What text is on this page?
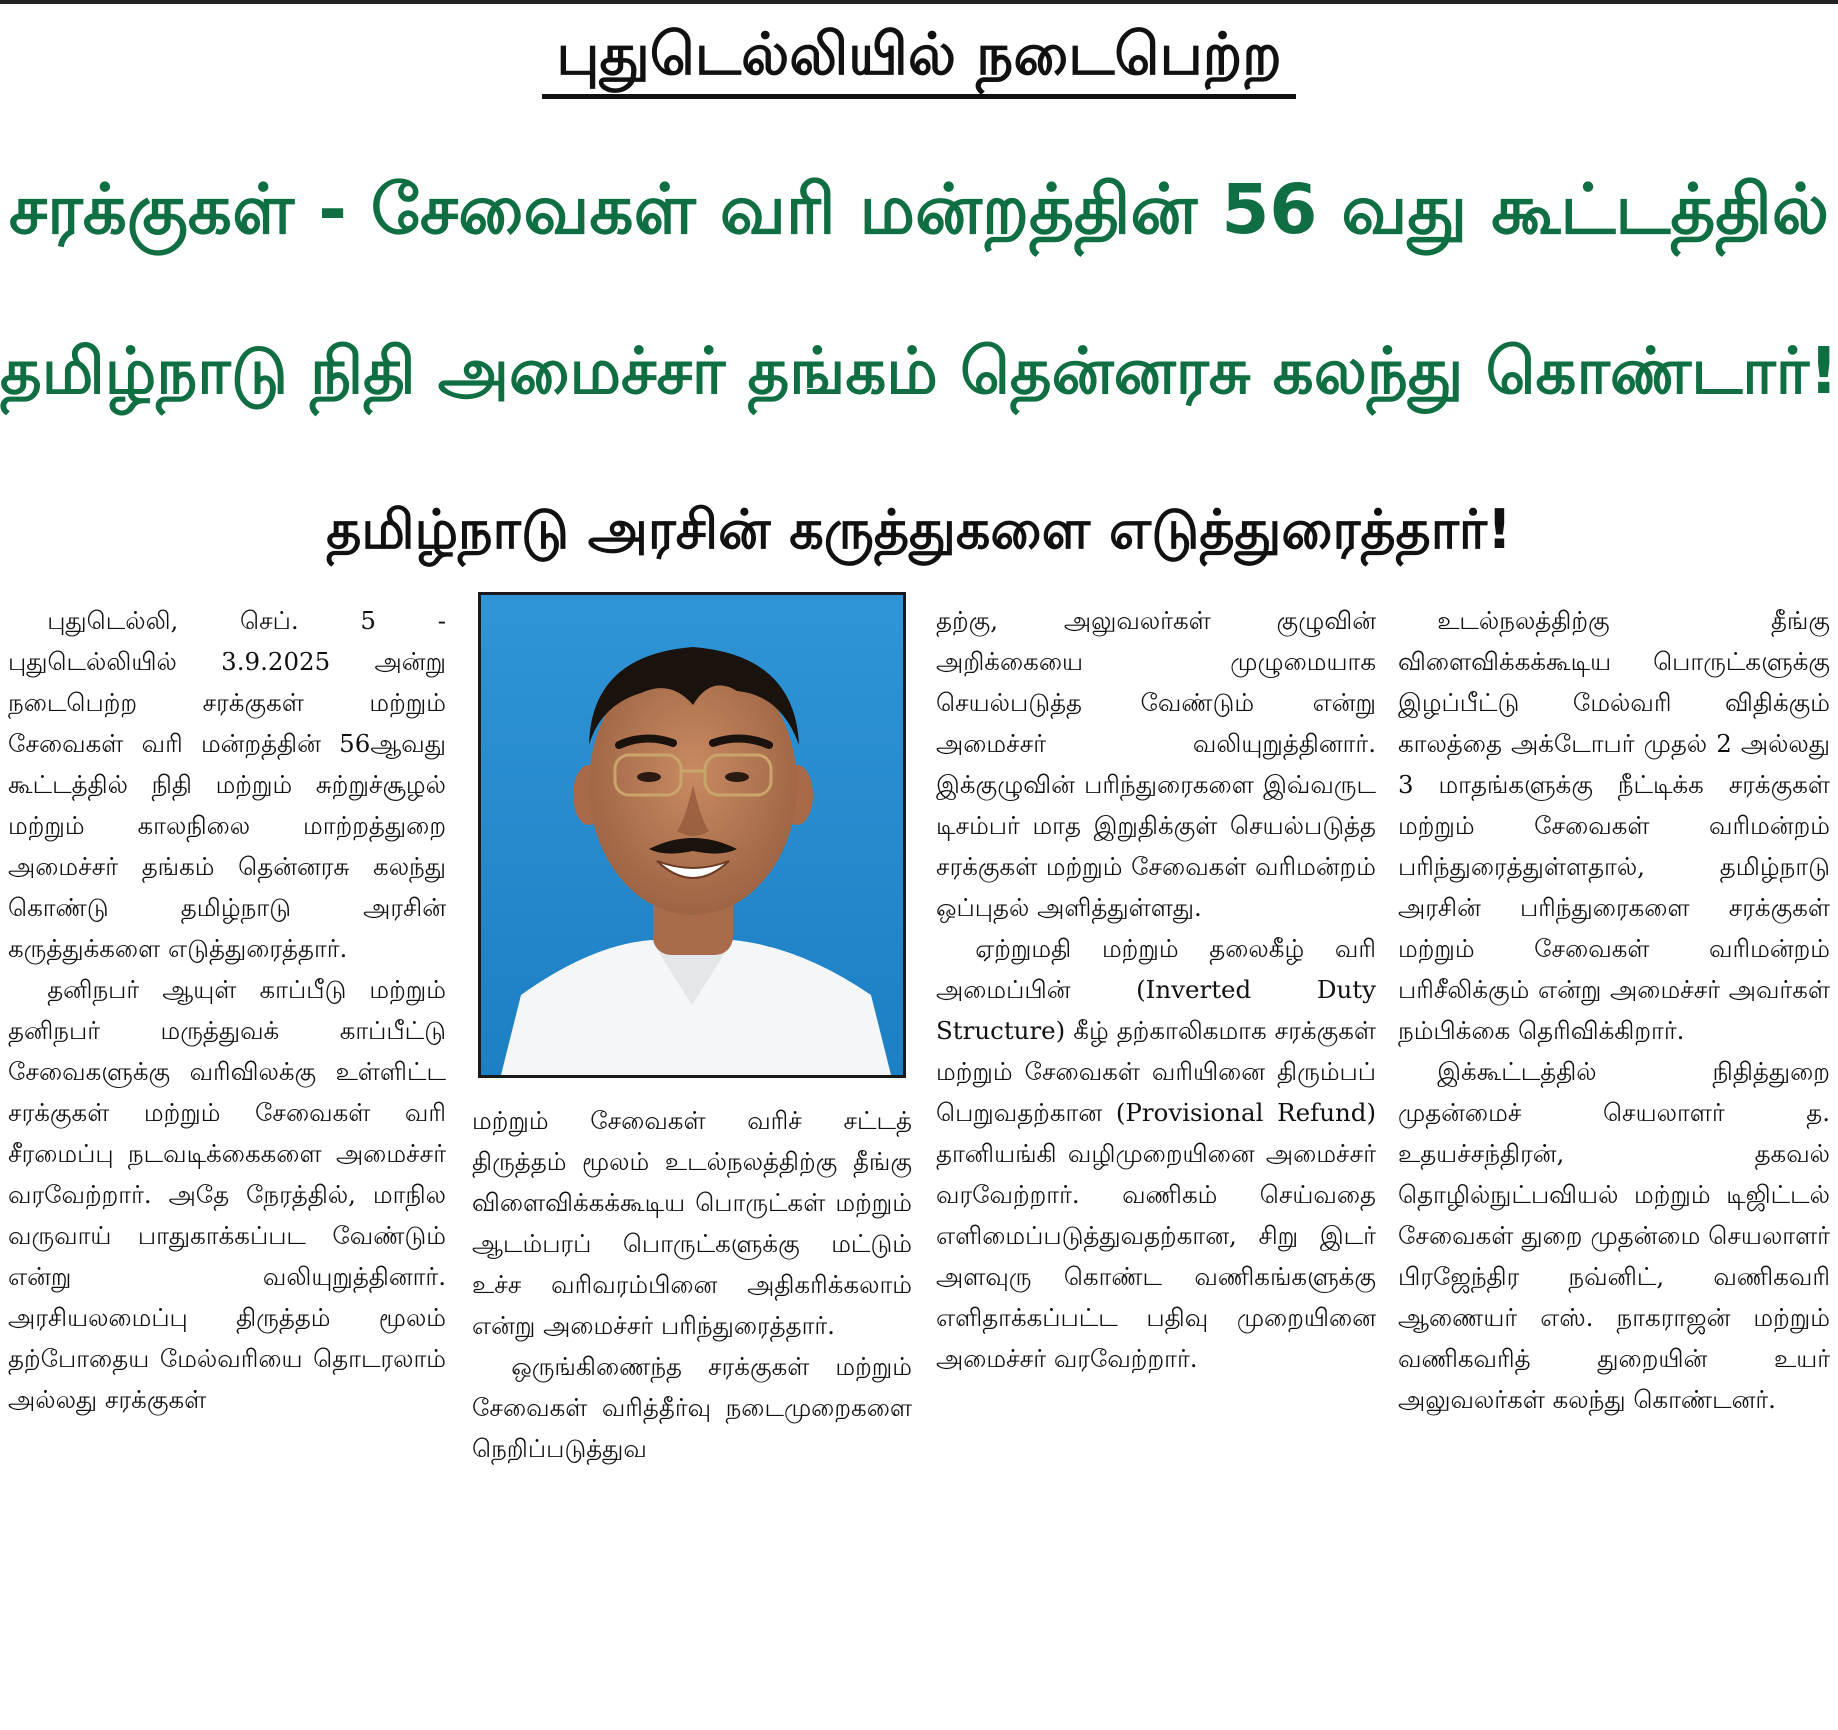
புதுடெல்லியில் நடைபெற்ற
சரக்குகள் - சேவைகள் வரி மன்றத்தின் 56 வது கூட்டத்தில்
தமிழ்நாடு நிதி அமைச்சர் தங்கம் தென்னரசு கலந்து கொண்டார்!
தமிழ்நாடு அரசின் கருத்துகளை எடுத்துரைத்தார்!

புதுடெல்லி, செப். 5 - புதுடெல்லியில் 3.9.2025 அன்று நடைபெற்ற சரக்குகள் மற்றும் சேவைகள் வரி மன்றத்தின் 56ஆவது கூட்டத்தில் நிதி மற்றும் சுற்றுச்சூழல் மற்றும் காலநிலை மாற்றத்துறை அமைச்சர் தங்கம் தென்னரசு கலந்து கொண்டு தமிழ்நாடு அரசின் கருத்துக்களை எடுத்துரைத்தார்.

தனிநபர் ஆயுள் காப்பீடு மற்றும் தனிநபர் மருத்துவக் காப்பீட்டு சேவைகளுக்கு வரிவிலக்கு உள்ளிட்ட சரக்குகள் மற்றும் சேவைகள் வரி சீரமைப்பு நடவடிக்கைகளை அமைச்சர் வரவேற்றார். அதே நேரத்தில், மாநில வருவாய் பாதுகாக்கப்பட வேண்டும் என்று வலியுறுத்தினார். அரசியலமைப்பு திருத்தம் மூலம் தற்போதைய மேல்வரியை தொடரலாம் அல்லது சரக்குகள்

மற்றும் சேவைகள் வரிச் சட்டத் திருத்தம் மூலம் உடல்நலத்திற்கு தீங்கு விளைவிக்கக்கூடிய பொருட்கள் மற்றும் ஆடம்பரப் பொருட்களுக்கு மட்டும் உச்ச வரிவரம்பினை அதிகரிக்கலாம் என்று அமைச்சர் பரிந்துரைத்தார்.

ஒருங்கிணைந்த சரக்குகள் மற்றும் சேவைகள் வரித்தீர்வு நடைமுறைகளை நெறிப்படுத்துவ

தற்கு, அலுவலர்கள் குழுவின் அறிக்கையை முழுமையாக செயல்படுத்த வேண்டும் என்று அமைச்சர் வலியுறுத்தினார். இக்குழுவின் பரிந்துரைகளை இவ்வருட டிசம்பர் மாத இறுதிக்குள் செயல்படுத்த சரக்குகள் மற்றும் சேவைகள் வரிமன்றம் ஒப்புதல் அளித்துள்ளது.

ஏற்றுமதி மற்றும் தலைகீழ் வரி அமைப்பின் (Inverted Duty Structure) கீழ் தற்காலிகமாக சரக்குகள் மற்றும் சேவைகள் வரியினை திரும்பப் பெறுவதற்கான (Provisional Refund) தானியங்கி வழிமுறையினை அமைச்சர் வரவேற்றார். வணிகம் செய்வதை எளிமைப்படுத்துவதற்கான, சிறு இடர் அளவுரு கொண்ட வணிகங்களுக்கு எளிதாக்கப்பட்ட பதிவு முறையினை அமைச்சர் வரவேற்றார்.

உடல்நலத்திற்கு தீங்கு விளைவிக்கக்கூடிய பொருட்களுக்கு இழப்பீட்டு மேல்வரி விதிக்கும் காலத்தை அக்டோபர் முதல் 2 அல்லது 3 மாதங்களுக்கு நீட்டிக்க சரக்குகள் மற்றும் சேவைகள் வரிமன்றம் பரிந்துரைத்துள்ளதால், தமிழ்நாடு அரசின் பரிந்துரைகளை சரக்குகள் மற்றும் சேவைகள் வரிமன்றம் பரிசீலிக்கும் என்று அமைச்சர் அவர்கள் நம்பிக்கை தெரிவிக்கிறார்.

இக்கூட்டத்தில் நிதித்துறை முதன்மைச் செயலாளர் த. உதயச்சந்திரன், தகவல் தொழில்நுட்பவியல் மற்றும் டிஜிட்டல் சேவைகள் துறை முதன்மை செயலாளர் பிரஜேந்திர நவ்னிட், வணிகவரி ஆணையர் எஸ். நாகராஜன் மற்றும் வணிகவரித் துறையின் உயர் அலுவலர்கள் கலந்து கொண்டனர்.
